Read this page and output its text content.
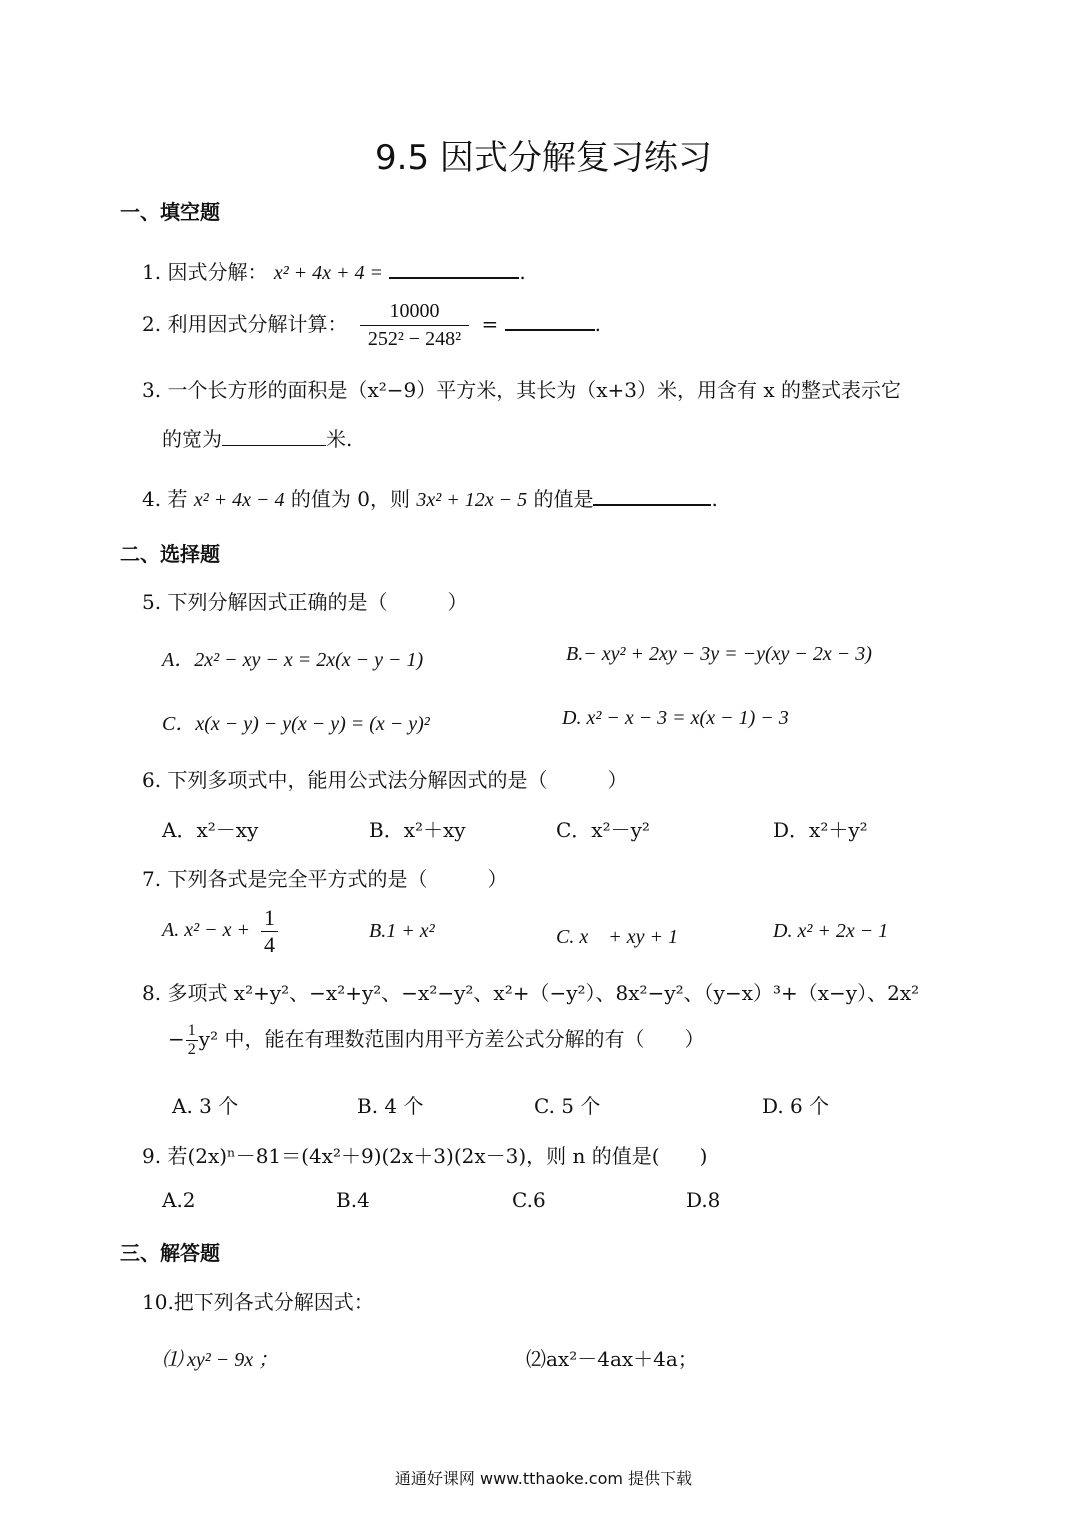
9.5 因式分解复习练习
一、填空题
1. 因式分解： x² + 4x + 4 =	.
2. 利用因式分解计算： $\frac{10000}{\text{252² − 248²}}$ =	.
3. 一个长方形的面积是（x²−9）平方米，其长为（x+3）米，用含有 x 的整式表示它
的宽为	米.
4. 若 x² + 4x − 4 的值为 0，则 3x² + 12x − 5 的值是	.
二、选择题
5. 下列分解因式正确的是（　　　）
A．2x² − xy − x = 2x(x − y − 1)	B.− xy² + 2xy − 3y = −y(xy − 2x − 3)
C．x(x − y) − y(x − y) = (x − y)²	D. x² − x − 3 = x(x − 1) − 3
6. 下列多项式中，能用公式法分解因式的是（　　　）
A．x²－xy	B．x²＋xy	C．x²－y²	D．x²＋y²
7. 下列各式是完全平方式的是（　　　）
A. $x^2 - x + \frac{1}{4}$	B.1 + x²	C. x　+ xy + 1	D. x² + 2x − 1
8. 多项式 x²+y²、−x²+y²、−x²−y²、x²+（−y²）、8x²−y²、（y−x）³+（x−y）、2x²
− $\frac{1}{2} y^2$ 中，能在有理数范围内用平方差公式分解的有（　　）
A. 3 个	B. 4 个	C. 5 个	D. 6 个
9. 若(2x)ⁿ－81＝(4x²＋9)(2x＋3)(2x－3)，则 n 的值是(　　)
A.2	B.4	C.6	D.8
三、解答题
10.把下列各式分解因式：
⑴ xy² − 9x ；	⑵ax²－4ax＋4a；
通通好课网 www.tthaoke.com 提供下载
